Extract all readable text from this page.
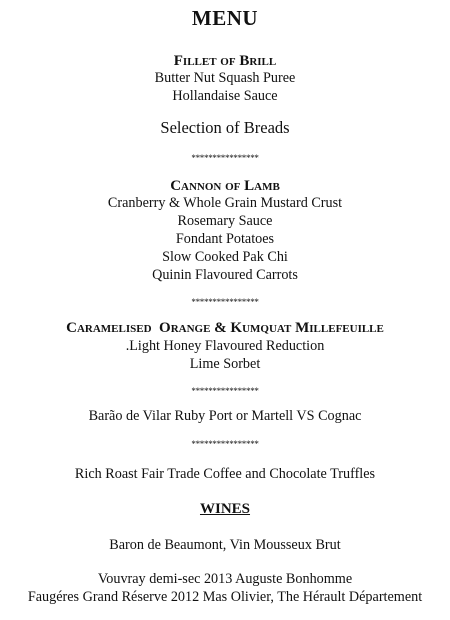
MENU
Fillet of Brill
Butter Nut Squash Puree
Hollandaise Sauce
Selection of Breads
****************
Cannon of Lamb
Cranberry & Whole Grain Mustard Crust
Rosemary Sauce
Fondant Potatoes
Slow Cooked Pak Chi
Quinin Flavoured Carrots
****************
Caramelised  Orange & Kumquat Millefeuille
.Light Honey Flavoured Reduction
Lime Sorbet
****************
Barão de Vilar Ruby Port or Martell VS Cognac
****************
Rich Roast Fair Trade Coffee and Chocolate Truffles
WINES
Baron de Beaumont, Vin Mousseux Brut
Vouvray demi-sec 2013 Auguste Bonhomme
Faugéres Grand Réserve 2012 Mas Olivier, The Hérault Département
